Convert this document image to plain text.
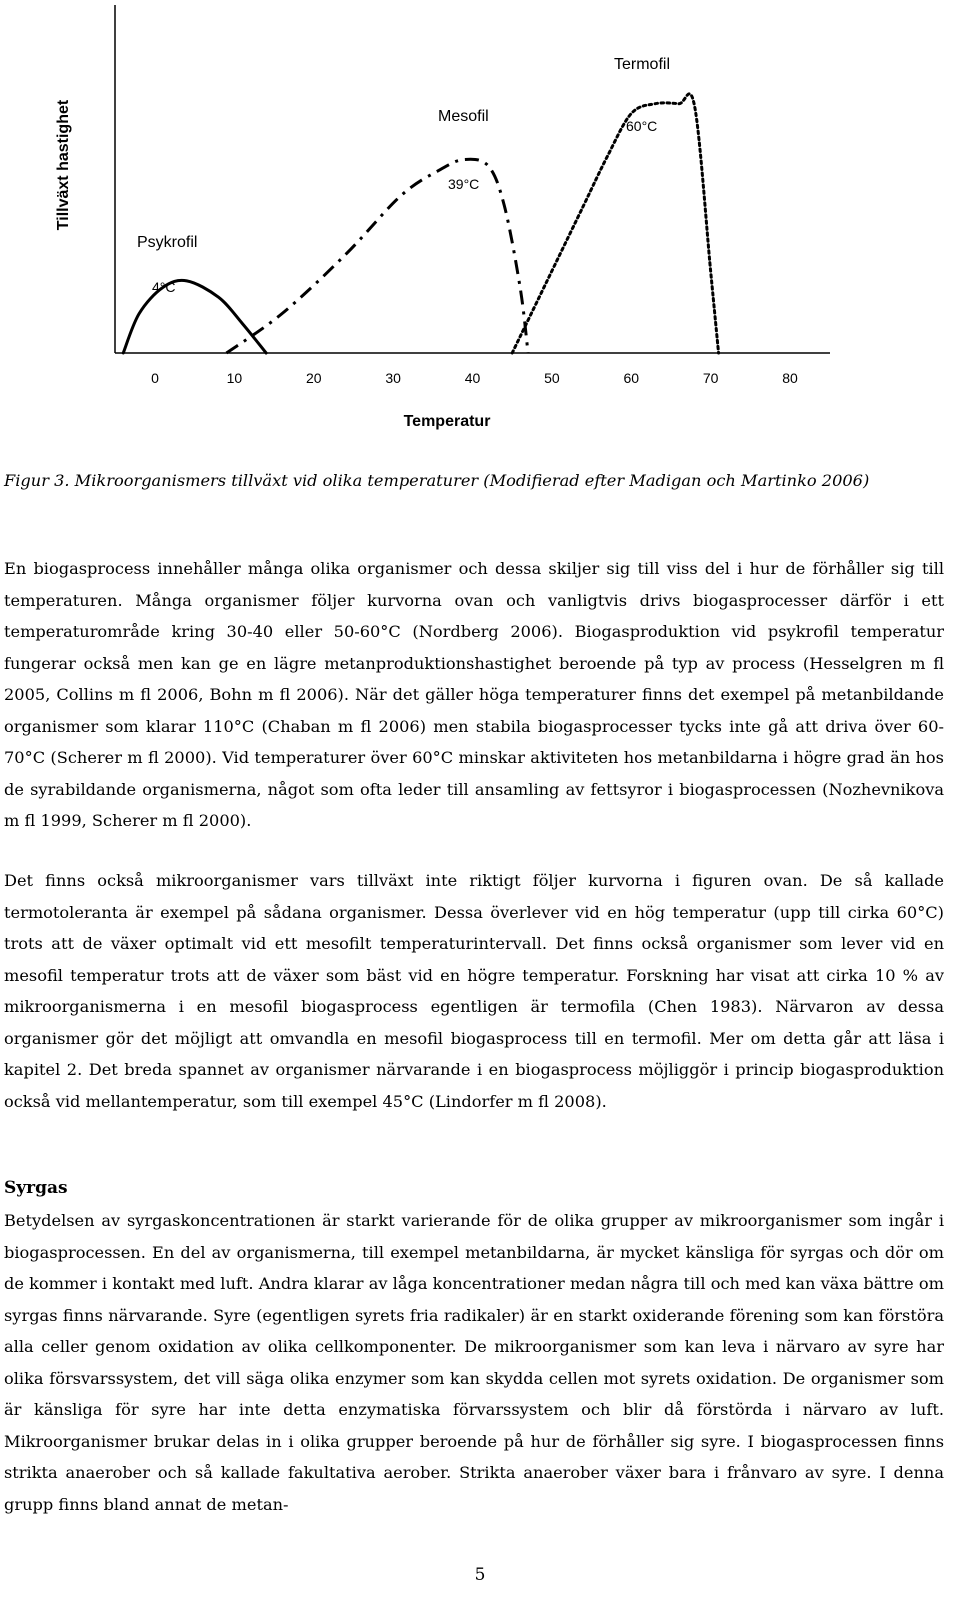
Tillväxt hastighet
Temperatur
0	10	20	30	40	50	60	70	80
Psykrofil
4°C
Mesofil
39°C
Termofil
60°C

Figur 3. Mikroorganismers tillväxt vid olika temperaturer (Modifierad efter Madigan och Martinko 2006)

En biogasprocess innehåller många olika organismer och dessa skiljer sig till viss del i hur de förhåller sig till temperaturen. Många organismer följer kurvorna ovan och vanligtvis drivs biogasprocesser därför i ett temperaturområde kring 30-40 eller 50-60°C (Nordberg 2006). Biogasproduktion vid psykrofil temperatur fungerar också men kan ge en lägre metanproduktionshastighet beroende på typ av process (Hesselgren m fl 2005, Collins m fl 2006, Bohn m fl 2006). När det gäller höga temperaturer finns det exempel på metanbildande organismer som klarar 110°C (Chaban m fl 2006) men stabila biogasprocesser tycks inte gå att driva över 60-70°C (Scherer m fl 2000). Vid temperaturer över 60°C minskar aktiviteten hos metanbildarna i högre grad än hos de syrabildande organismerna, något som ofta leder till ansamling av fettsyror i biogasprocessen (Nozhevnikova m fl 1999, Scherer m fl 2000).

Det finns också mikroorganismer vars tillväxt inte riktigt följer kurvorna i figuren ovan. De så kallade termotoleranta är exempel på sådana organismer. Dessa överlever vid en hög temperatur (upp till cirka 60°C) trots att de växer optimalt vid ett mesofilt temperaturintervall. Det finns också organismer som lever vid en mesofil temperatur trots att de växer som bäst vid en högre temperatur. Forskning har visat att cirka 10 % av mikroorganismerna i en mesofil biogasprocess egentligen är termofila (Chen 1983). Närvaron av dessa organismer gör det möjligt att omvandla en mesofil biogasprocess till en termofil. Mer om detta går att läsa i kapitel 2. Det breda spannet av organismer närvarande i en biogasprocess möjliggör i princip biogasproduktion också vid mellantemperatur, som till exempel 45°C (Lindorfer m fl 2008).

Syrgas

Betydelsen av syrgaskoncentrationen är starkt varierande för de olika grupper av mikroorganismer som ingår i biogasprocessen. En del av organismerna, till exempel metanbildarna, är mycket känsliga för syrgas och dör om de kommer i kontakt med luft. Andra klarar av låga koncentrationer medan några till och med kan växa bättre om syrgas finns närvarande. Syre (egentligen syrets fria radikaler) är en starkt oxiderande förening som kan förstöra alla celler genom oxidation av olika cellkomponenter. De mikroorganismer som kan leva i närvaro av syre har olika försvarssystem, det vill säga olika enzymer som kan skydda cellen mot syrets oxidation. De organismer som är känsliga för syre har inte detta enzymatiska förvarssystem och blir då förstörda i närvaro av luft. Mikroorganismer brukar delas in i olika grupper beroende på hur de förhåller sig syre. I biogasprocessen finns strikta anaerober och så kallade fakultativa aerober. Strikta anaerober växer bara i frånvaro av syre. I denna grupp finns bland annat de metan-

5
